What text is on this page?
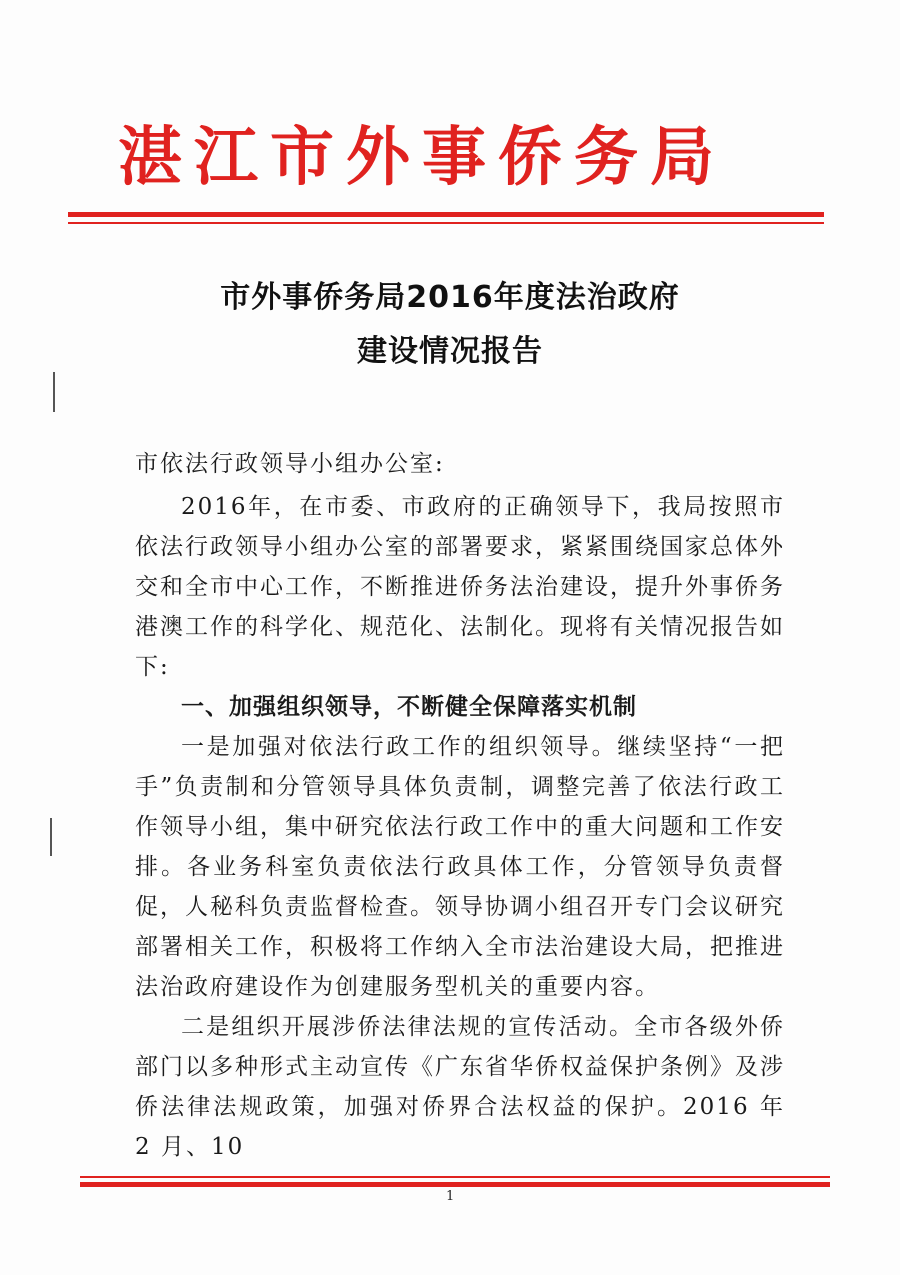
湛江市外事侨务局
市外事侨务局2016年度法治政府
建设情况报告
市依法行政领导小组办公室:

2016年，在市委、市政府的正确领导下，我局按照市依法行政领导小组办公室的部署要求，紧紧围绕国家总体外交和全市中心工作，不断推进侨务法治建设，提升外事侨务港澳工作的科学化、规范化、法制化。现将有关情况报告如下:

一、加强组织领导，不断健全保障落实机制

一是加强对依法行政工作的组织领导。继续坚持“一把手”负责制和分管领导具体负责制，调整完善了依法行政工作领导小组，集中研究依法行政工作中的重大问题和工作安排。各业务科室负责依法行政具体工作，分管领导负责督促，人秘科负责监督检查。领导协调小组召开专门会议研究部署相关工作，积极将工作纳入全市法治建设大局，把推进法治政府建设作为创建服务型机关的重要内容。

二是组织开展涉侨法律法规的宣传活动。全市各级外侨部门以多种形式主动宣传《广东省华侨权益保护条例》及涉侨法律法规政策，加强对侨界合法权益的保护。2016 年 2 月、10

1
